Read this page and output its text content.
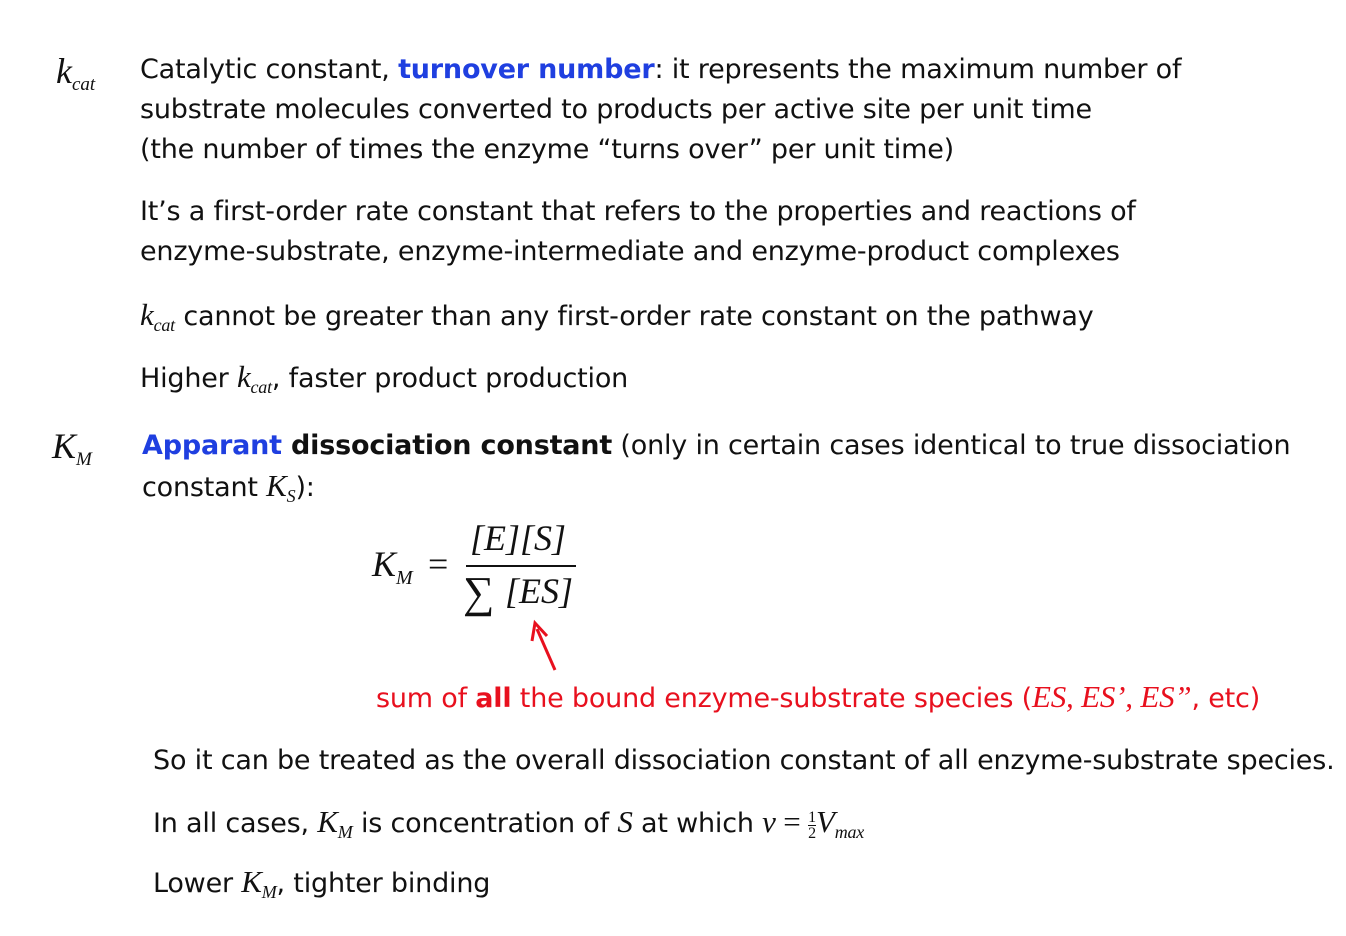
$k_{cat}$ Catalytic constant, turnover number: it represents the maximum number of
substrate molecules converted to products per active site per unit time
(the number of times the enzyme “turns over” per unit time)
It’s a first-order rate constant that refers to the properties and reactions of
enzyme-substrate, enzyme-intermediate and enzyme-product complexes
$k_{cat}$ cannot be greater than any first-order rate constant on the pathway
Higher $k_{cat}$, faster product production
$K_M$ Apparant dissociation constant (only in certain cases identical to true dissociation
constant $K_S$):
$K_M$ =
[E][S]
∑ [ES]
sum of all the bound enzyme-substrate species (ES, ES’, ES”, etc)
So it can be treated as the overall dissociation constant of all enzyme-substrate species.
In all cases, $K_M$ is concentration of S at which $v = \frac{1}{2} V_{max}$
Lower $K_M$, tighter binding
